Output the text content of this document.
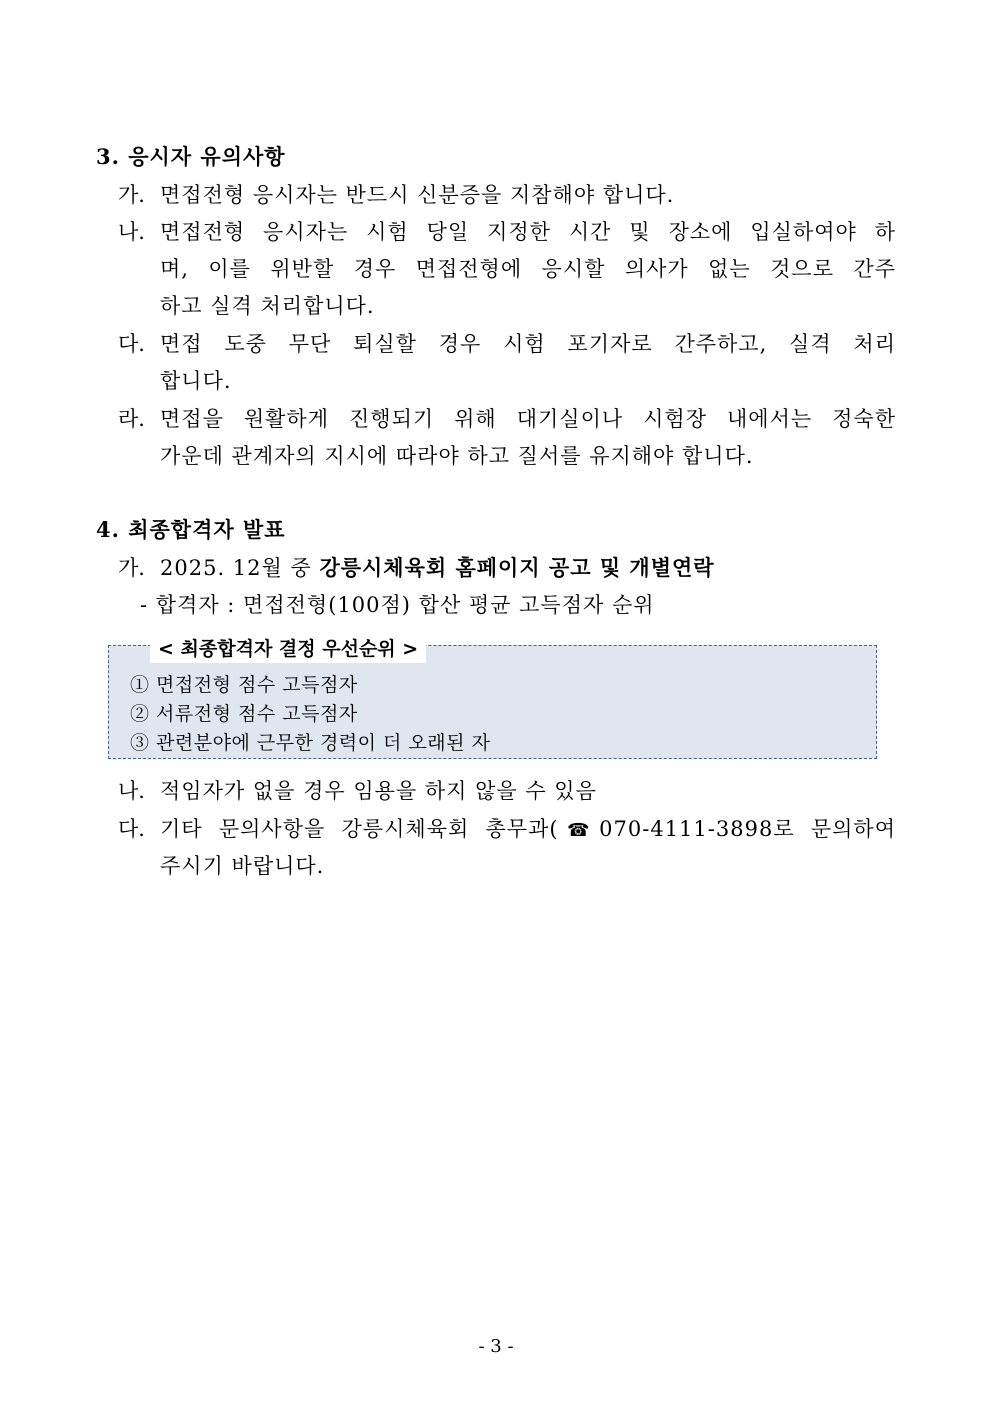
3. 응시자 유의사항
가. 면접전형 응시자는 반드시 신분증을 지참해야 합니다.
나. 면접전형 응시자는 시험 당일 지정한 시간 및 장소에 입실하여야 하
며, 이를 위반할 경우 면접전형에 응시할 의사가 없는 것으로 간주
하고 실격 처리합니다.
다. 면접 도중 무단 퇴실할 경우 시험 포기자로 간주하고, 실격 처리
합니다.
라. 면접을 원활하게 진행되기 위해 대기실이나 시험장 내에서는 정숙한
가운데 관계자의 지시에 따라야 하고 질서를 유지해야 합니다.
4. 최종합격자 발표
가. 2025. 12월 중 강릉시체육회 홈페이지 공고 및 개별연락
- 합격자 : 면접전형(100점) 합산 평균 고득점자 순위
< 최종합격자 결정 우선순위 >
① 면접전형 점수 고득점자
② 서류전형 점수 고득점자
③ 관련분야에 근무한 경력이 더 오래된 자
나. 적임자가 없을 경우 임용을 하지 않을 수 있음
다. 기타 문의사항을 강릉시체육회 총무과(☎070-4111-3898로 문의하여
주시기 바랍니다.
- 3 -
